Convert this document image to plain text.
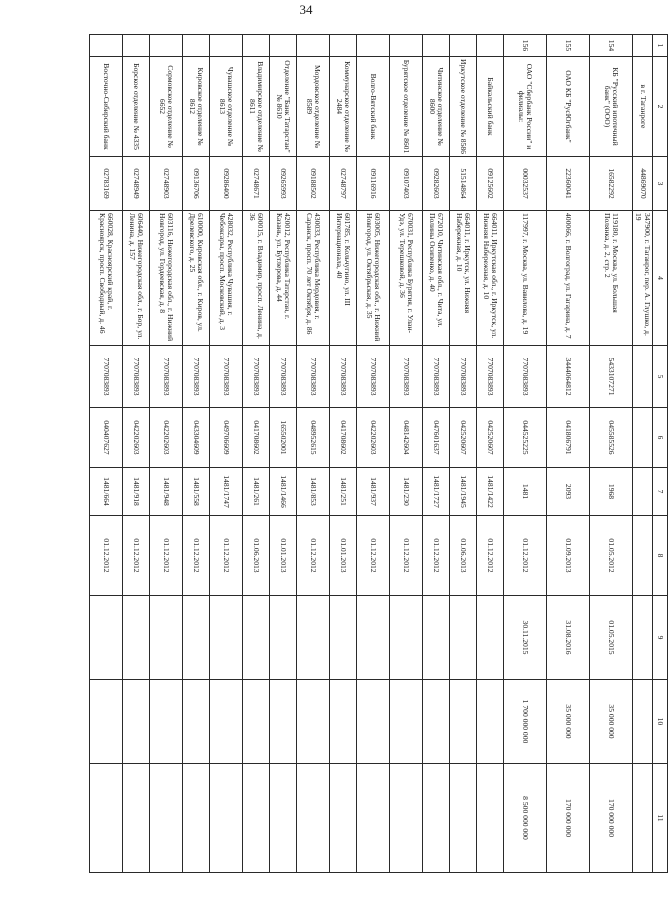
34
1	2	3	4	5	6	7	8	9	10	11
	в г. Таганроге	44869070	347900, г. Таганрог, пер. А. Глушко, д. 19							
154	КБ "Русский ипотечный банк" (ООО)	16582292	119180, г. Москва, ул. Большая Полянка, д. 2, стр. 2	5433107271	045585526	1968	01.05.2012	01.05.2015	35 000 000	170 000 000
155	ОАО КБ "РусЮгбанк"	22360041	400066, г. Волгоград, ул. Гагарина, д. 7	3444064812	041806791	2093	01.09.2013	31.08.2016	35 000 000	170 000 000
156	ОАО "Сбербанк России" и филиалы:	00032537	117997, г. Москва, ул. Вавилова, д. 19	7707083893	044525225	1481	01.12.2012	30.11.2015	1 700 000 000	8 500 000 000
	Байкальский банк	09125602	664011, Иркутская обл., г. Иркутск, ул. Нижняя Набережная, д. 10	7707083893	042520607	1481/1422	01.12.2012			
	Иркутское отделение № 8586	51514864	664011, г. Иркутск, ул. Нижняя Набережная, д. 10	7707083893	042520607	1481/1945	01.06.2013			
	Читинское отделение № 8600	09282603	672010, Читинская обл., г. Чита, ул. Полины Осипенко, д. 40	7707083893	047601637	1481/1727	01.12.2012			
	Бурятское отделение № 8601	09107403	670031, Республика Бурятия, г. Улан-Удэ, ул. Терешковой, д. 36	7707083893	048142604	1481/230	01.12.2012			
	Волго-Вятский банк	09116916	603005, Нижегородская обл., г. Нижний Новгород, ул. Октябрьская, д. 35	7707083893	042202603	1481/937	01.12.2012			
	Коммунарское отделение № 2484	02748797	601785, г. Кольчугино, ул. III Интернационала, 40	7707083893	041708602	1481/251	01.01.2013			
	Мордовское отделение № 8589	09188502	430033, Республика Мордовия, г. Саранск, просп. 70 лет Октября, д. 86	7707083893	048952615	1481/853	01.12.2012			
	Отделение "Банк Татарстан" № 8610	09265993	420012, Республика Татарстан, г. Казань, ул. Бутлерова, д. 44	7707083893	165502001	1481/1466	01.01.2013			
	Владимирское отделение № 8611	02748671	600015, г. Владимир, просп. Ленина, д. 36	7707083893	041708602	1481/261	01.06.2013			
	Чувашское отделение № 8613	09286400	428032, Республика Чувашия, г. Чебоксары, просп. Московский, д. 3	7707083893	049706609	1481/1747	01.12.2012			
	Кировское отделение № 8612	09136706	610000, Кировская обл., г. Киров, ул. Дрелевского, д. 25	7707083893	043304609	1481/558	01.12.2012			
	Сормовское отделение № 6652	02748903	603116, Нижегородская обл., г. Нижний Новгород, ул. Гордеевская, д. 8	7707083893	042202603	1481/948	01.12.2012			
	Борское отделение № 4335	02748949	606440, Нижегородская обл., г. Бор, ул. Ленина, д. 157	7707083893	042202603	1481/918	01.12.2012			
	Восточно-Сибирский банк	02783169	660028, Красноярский край, г. Красноярск, просп. Свободный, д. 46	7707083893	040407627	1481/664	01.12.2012			
